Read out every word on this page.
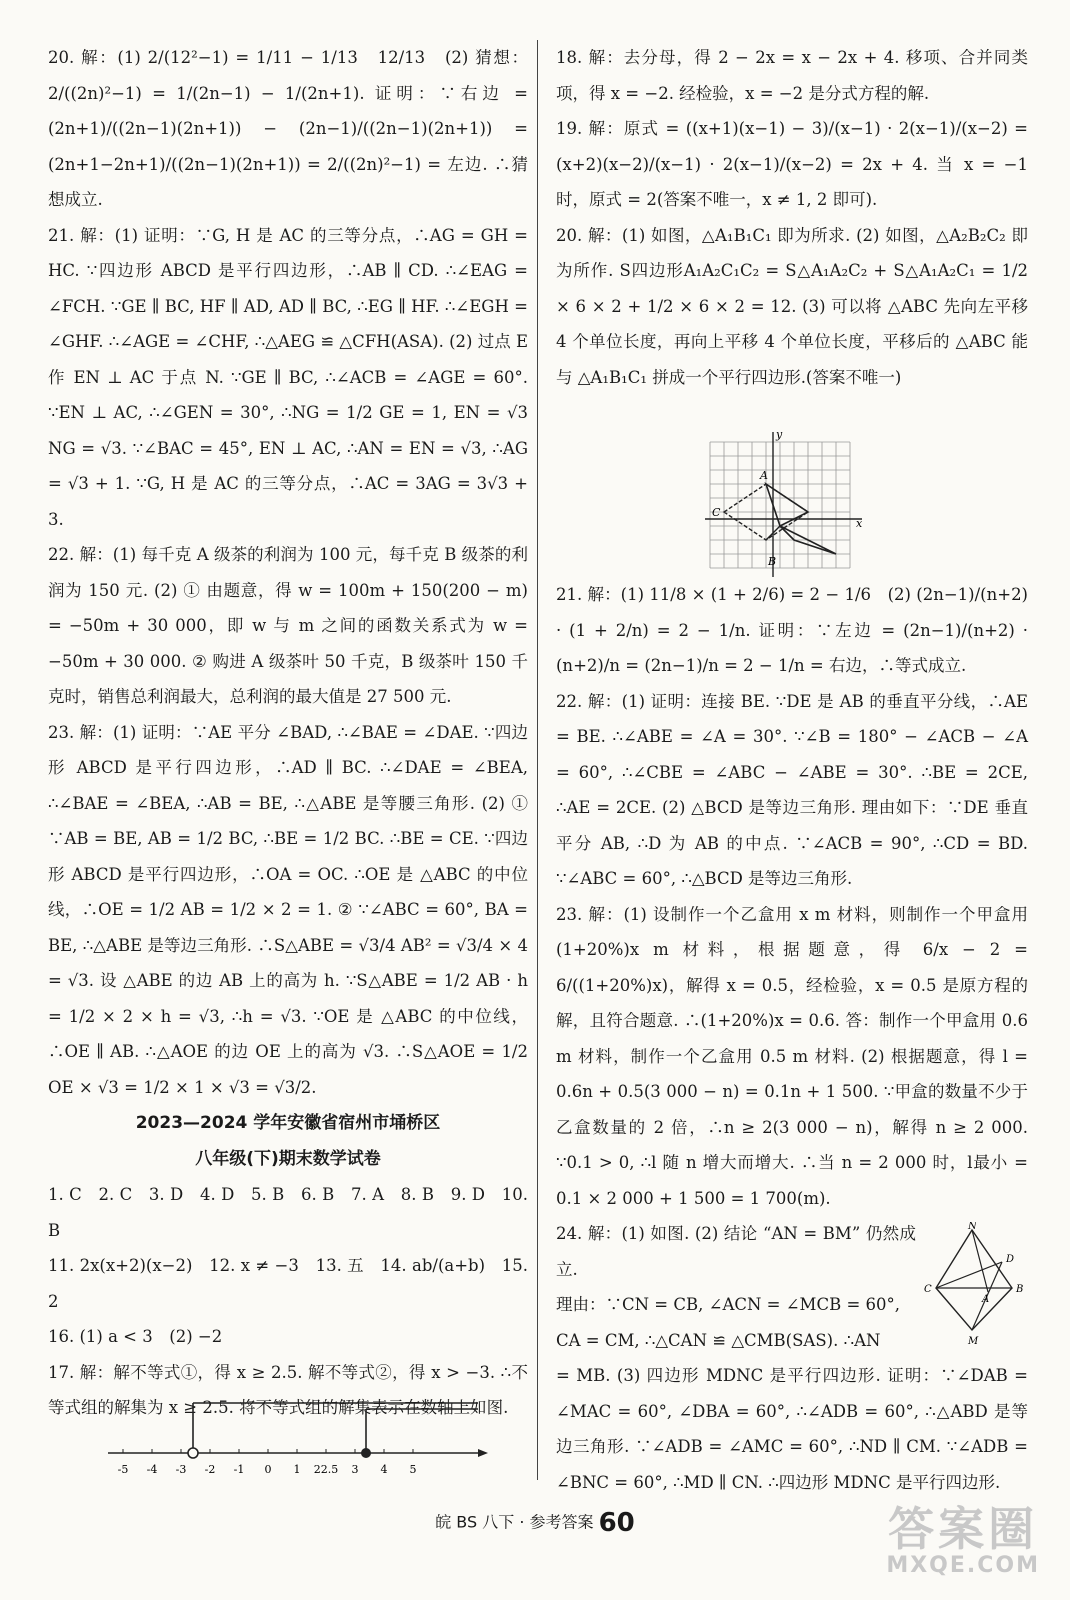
20. 解：(1) 2/(12²−1) = 1/11 − 1/13　12/13　(2) 猜想：2/((2n)²−1) = 1/(2n−1) − 1/(2n+1). 证明：∵右边 = (2n+1)/((2n−1)(2n+1)) − (2n−1)/((2n−1)(2n+1)) = (2n+1−2n+1)/((2n−1)(2n+1)) = 2/((2n)²−1) = 左边. ∴猜想成立.

21. 解：(1) 证明：∵G, H 是 AC 的三等分点，∴AG = GH = HC. ∵四边形 ABCD 是平行四边形，∴AB ∥ CD. ∴∠EAG = ∠FCH. ∵GE ∥ BC, HF ∥ AD, AD ∥ BC, ∴EG ∥ HF. ∴∠EGH = ∠GHF. ∴∠AGE = ∠CHF, ∴△AEG ≌ △CFH(ASA). (2) 过点 E 作 EN ⊥ AC 于点 N. ∵GE ∥ BC, ∴∠ACB = ∠AGE = 60°. ∵EN ⊥ AC, ∴∠GEN = 30°, ∴NG = 1/2 GE = 1, EN = √3 NG = √3. ∵∠BAC = 45°, EN ⊥ AC, ∴AN = EN = √3, ∴AG = √3 + 1. ∵G, H 是 AC 的三等分点，∴AC = 3AG = 3√3 + 3.

22. 解：(1) 每千克 A 级茶的利润为 100 元，每千克 B 级茶的利润为 150 元. (2) ① 由题意，得 w = 100m + 150(200 − m) = −50m + 30 000，即 w 与 m 之间的函数关系式为 w = −50m + 30 000. ② 购进 A 级茶叶 50 千克，B 级茶叶 150 千克时，销售总利润最大，总利润的最大值是 27 500 元.

23. 解：(1) 证明：∵AE 平分 ∠BAD, ∴∠BAE = ∠DAE. ∵四边形 ABCD 是平行四边形，∴AD ∥ BC. ∴∠DAE = ∠BEA, ∴∠BAE = ∠BEA, ∴AB = BE, ∴△ABE 是等腰三角形. (2) ① ∵AB = BE, AB = 1/2 BC, ∴BE = 1/2 BC. ∴BE = CE. ∵四边形 ABCD 是平行四边形，∴OA = OC. ∴OE 是 △ABC 的中位线，∴OE = 1/2 AB = 1/2 × 2 = 1. ② ∵∠ABC = 60°, BA = BE, ∴△ABE 是等边三角形. ∴S△ABE = √3/4 AB² = √3/4 × 4 = √3. 设 △ABE 的边 AB 上的高为 h. ∵S△ABE = 1/2 AB · h = 1/2 × 2 × h = √3, ∴h = √3. ∵OE 是 △ABC 的中位线，∴OE ∥ AB. ∴△AOE 的边 OE 上的高为 √3. ∴S△AOE = 1/2 OE × √3 = 1/2 × 1 × √3 = √3/2.

2023—2024 学年安徽省宿州市埇桥区

八年级(下)期末数学试卷

1. C　2. C　3. D　4. D　5. B　6. B　7. A　8. B　9. D　10. B

11. 2x(x+2)(x−2)　12. x ≠ −3　13. 五　14. ab/(a+b)　15. 2

16. (1) a < 3　(2) −2

17. 解：解不等式①，得 x ≥ 2.5. 解不等式②，得 x > −3. ∴不等式组的解集为 x ≥ 2.5. 将不等式组的解集表示在数轴上如图.

-5 -4 -3 -2 -1 0 1 22.5 3 4 5

18. 解：去分母，得 2 − 2x = x − 2x + 4. 移项、合并同类项，得 x = −2. 经检验，x = −2 是分式方程的解.

19. 解：原式 = ((x+1)(x−1) − 3)/(x−1) · 2(x−1)/(x−2) = (x+2)(x−2)/(x−1) · 2(x−1)/(x−2) = 2x + 4. 当 x = −1 时，原式 = 2(答案不唯一，x ≠ 1, 2 即可).

20. 解：(1) 如图，△A₁B₁C₁ 即为所求. (2) 如图，△A₂B₂C₂ 即为所作. S四边形A₁A₂C₁C₂ = S△A₁A₂C₂ + S△A₁A₂C₁ = 1/2 × 6 × 2 + 1/2 × 6 × 2 = 12. (3) 可以将 △ABC 先向左平移 4 个单位长度，再向上平移 4 个单位长度，平移后的 △ABC 能与 △A₁B₁C₁ 拼成一个平行四边形.(答案不唯一)

21. 解：(1) 11/8 × (1 + 2/6) = 2 − 1/6　(2) (2n−1)/(n+2) · (1 + 2/n) = 2 − 1/n. 证明：∵左边 = (2n−1)/(n+2) · (n+2)/n = (2n−1)/n = 2 − 1/n = 右边，∴等式成立.

22. 解：(1) 证明：连接 BE. ∵DE 是 AB 的垂直平分线，∴AE = BE. ∴∠ABE = ∠A = 30°. ∵∠B = 180° − ∠ACB − ∠A = 60°, ∴∠CBE = ∠ABC − ∠ABE = 30°. ∴BE = 2CE, ∴AE = 2CE. (2) △BCD 是等边三角形. 理由如下：∵DE 垂直平分 AB, ∴D 为 AB 的中点. ∵∠ACB = 90°, ∴CD = BD. ∵∠ABC = 60°, ∴△BCD 是等边三角形.

23. 解：(1) 设制作一个乙盒用 x m 材料，则制作一个甲盒用 (1+20%)x m 材料，根据题意，得 6/x − 2 = 6/((1+20%)x)，解得 x = 0.5，经检验，x = 0.5 是原方程的解，且符合题意. ∴(1+20%)x = 0.6. 答：制作一个甲盒用 0.6 m 材料，制作一个乙盒用 0.5 m 材料. (2) 根据题意，得 l = 0.6n + 0.5(3 000 − n) = 0.1n + 1 500. ∵甲盒的数量不少于乙盒数量的 2 倍，∴n ≥ 2(3 000 − n)，解得 n ≥ 2 000. ∵0.1 > 0, ∴l 随 n 增大而增大. ∴当 n = 2 000 时，l最小 = 0.1 × 2 000 + 1 500 = 1 700(m).

24. 解：(1) 如图. (2) 结论 “AN = BM” 仍然成立.

理由：∵CN = CB, ∠ACN = ∠MCB = 60°,

CA = CM, ∴△CAN ≌ △CMB(SAS). ∴AN

= MB. (3) 四边形 MDNC 是平行四边形. 证明：∵∠DAB = ∠MAC = 60°, ∠DBA = 60°, ∴∠ADB = 60°, ∴△ABD 是等边三角形. ∵∠ADB = ∠AMC = 60°, ∴ND ∥ CM. ∵∠ADB = ∠BNC = 60°, ∴MD ∥ CN. ∴四边形 MDNC 是平行四边形.

y
x
C
B
A
N
D
C	B
A
M
皖 BS 八下 · 参考答案 60	答案圈
MXQE.COM
